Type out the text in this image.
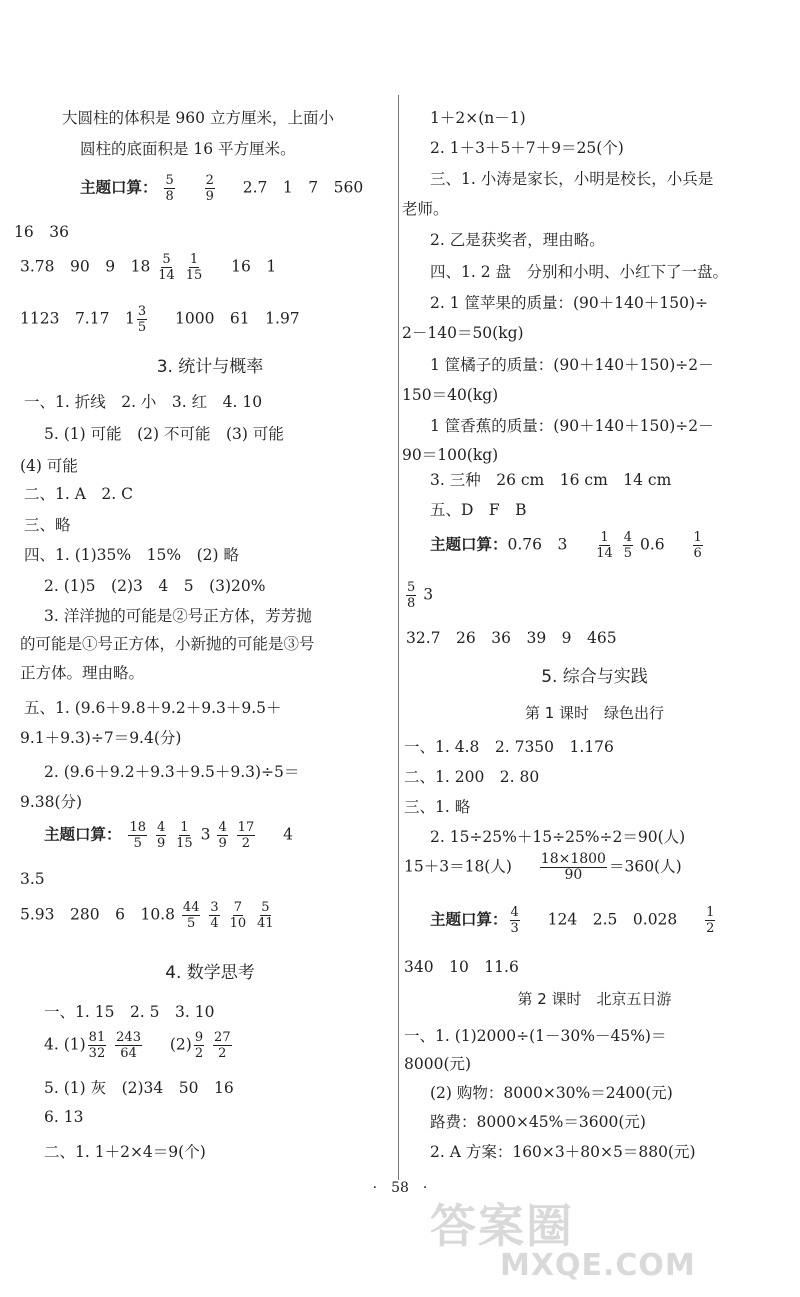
大圆柱的体积是 960 立方厘米，上面小
圆柱的底面积是 16 平方厘米。
主题口算： $\frac{5}{8}$
$\frac{2}{9} 2.7$　1　7　560
16　36
3.78　90　9　$18 \frac{5}{14}$
$\frac{1}{15} 16$　1
1123　7.17　$1 \frac{3}{5} 1000$　61　1.97
3. 统计与概率
一、1. 折线　2. 小　3. 红　4. 10
5. (1) 可能　(2) 不可能　(3) 可能
(4) 可能
二、1. A　2. C
三、略
四、1. (1)35%　15%　(2) 略
2. (1)5　(2)3　4　5　(3)20%
3. 洋洋抛的可能是②号正方体，芳芳抛
的可能是①号正方体，小新抛的可能是③号
正方体。理由略。
五、1. (9.6＋9.8＋9.2＋9.3＋9.5＋
9.1＋9.3)÷7＝9.4(分)
2. (9.6＋9.2＋9.3＋9.5＋9.3)÷5＝
9.38(分)
主题口算： $\frac{18}{5}$
$\frac{4}{9}$
$\frac{1}{15} 3 \frac{4}{9}$
$\frac{17}{2} 4$
3.5
5.93　280　6　$10.8 \frac{44}{5}$
$\frac{3}{4}$
$\frac{7}{10}$
$\frac{5}{41}$
4. 数学思考
一、1. 15　2. 5　3. 10
4. $(1) \frac{81}{32}$
$\frac{243}{64} (2) \frac{9}{2}$
$\frac{27}{2}$
5. (1) 灰　(2)34　50　16
6. 13
二、1. 1＋2×4＝9(个)
1＋2×(n－1)
2. 1＋3＋5＋7＋9＝25(个)
三、1. 小涛是家长，小明是校长，小兵是
老师。
2. 乙是获奖者，理由略。
四、1. 2 盘　分别和小明、小红下了一盘。
2. 1 筐苹果的质量：(90＋140＋150)÷
2－140＝50(kg)
1 筐橘子的质量：(90＋140＋150)÷2－
150＝40(kg)
1 筐香蕉的质量：(90＋140＋150)÷2－
90＝100(kg)
3. 三种　26 cm　16 cm　14 cm
五、D　F　B
主题口算：0.76　$3 \frac{1}{14}$
$\frac{4}{5} 0.6 \frac{1}{6}$
$\frac{5}{8} 3$
32.7　26　36　39　9　465
5. 综合与实践
第 1 课时　绿色出行
一、1. 4.8　2. 7350　1.176
二、1. 200　2. 80
三、1. 略
2. 15÷25%＋15÷25%÷2＝90(人)
15＋3＝18(人) $\frac{18\times 1800}{90} =360$(人)
主题口算： $\frac{4}{3} 124$　2.5　$0.028 \frac{1}{2}$
340　10　11.6
第 2 课时　北京五日游
一、1. (1)2000÷(1－30%－45%)＝
8000(元)
(2) 购物：8000×30%＝2400(元)
路费：8000×45%＝3600(元)
2. A 方案：160×3＋80×5＝880(元)
·　58　·
答案圈
MXQE.COM
